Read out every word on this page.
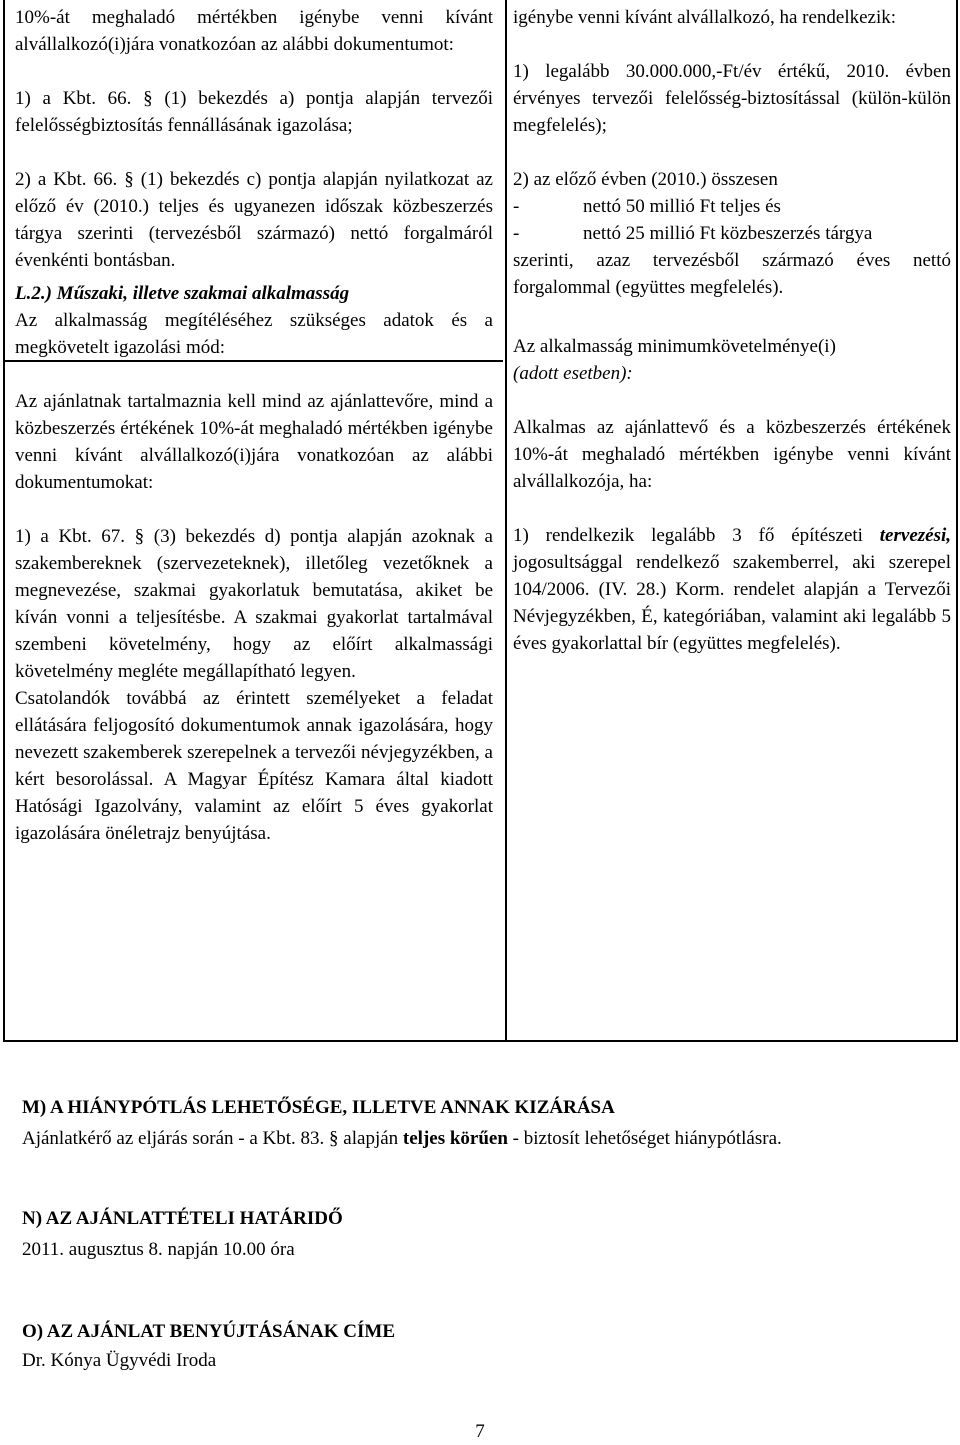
10%-át meghaladó mértékben igénybe venni kívánt alvállalkozó(i)jára vonatkozóan az alábbi dokumentumot:

1) a Kbt. 66. § (1) bekezdés a) pontja alapján tervezői felelősségbiztosítás fennállásának igazolása;

2) a Kbt. 66. § (1) bekezdés c) pontja alapján nyilatkozat az előző év (2010.) teljes és ugyanezen időszak közbeszerzés tárgya szerinti (tervezésből származó) nettó forgalmáról évenkénti bontásban.

L.2.) Műszaki, illetve szakmai alkalmasság

Az alkalmasság megítéléséhez szükséges adatok és a megkövetelt igazolási mód:

Az ajánlatnak tartalmaznia kell mind az ajánlattevőre, mind a közbeszerzés értékének 10%-át meghaladó mértékben igénybe venni kívánt alvállalkozó(i)jára vonatkozóan az alábbi dokumentumokat:

1) a Kbt. 67. § (3) bekezdés d) pontja alapján azoknak a szakembereknek (szervezeteknek), illetőleg vezetőknek a megnevezése, szakmai gyakorlatuk bemutatása, akiket be kíván vonni a teljesítésbe. A szakmai gyakorlat tartalmával szembeni követelmény, hogy az előírt alkalmassági követelmény megléte megállapítható legyen.

Csatolandók továbbá az érintett személyeket a feladat ellátására feljogosító dokumentumok annak igazolására, hogy nevezett szakemberek szerepelnek a tervezői névjegyzékben, a kért besorolással. A Magyar Építész Kamara által kiadott Hatósági Igazolvány, valamint az előírt 5 éves gyakorlat igazolására önéletrajz benyújtása.

igénybe venni kívánt alvállalkozó, ha rendelkezik:

1) legalább 30.000.000,-Ft/év értékű, 2010. évben érvényes tervezői felelősség-biztosítással (külön-külön megfelelés);

2) az előző évben (2010.) összesen

-	nettó 50 millió Ft teljes és
-	nettó 25 millió Ft közbeszerzés tárgya

szerinti, azaz tervezésből származó éves nettó forgalommal (együttes megfelelés).

Az alkalmasság minimumkövetelménye(i)

(adott esetben):

Alkalmas az ajánlattevő és a közbeszerzés értékének 10%-át meghaladó mértékben igénybe venni kívánt alvállalkozója, ha:

1) rendelkezik legalább 3 fő építészeti tervezési, jogosultsággal rendelkező szakemberrel, aki szerepel 104/2006. (IV. 28.) Korm. rendelet alapján a Tervezői Névjegyzékben, É, kategóriában, valamint aki legalább 5 éves gyakorlattal bír (együttes megfelelés).

M) A HIÁNYPÓTLÁS LEHETŐSÉGE, ILLETVE ANNAK KIZÁRÁSA

Ajánlatkérő az eljárás során - a Kbt. 83. § alapján teljes körűen - biztosít lehetőséget hiánypótlásra.

N) AZ AJÁNLATTÉTELI HATÁRIDŐ

2011. augusztus 8. napján 10.00 óra

O) AZ AJÁNLAT BENYÚJTÁSÁNAK CÍME

Dr. Kónya Ügyvédi Iroda

7
